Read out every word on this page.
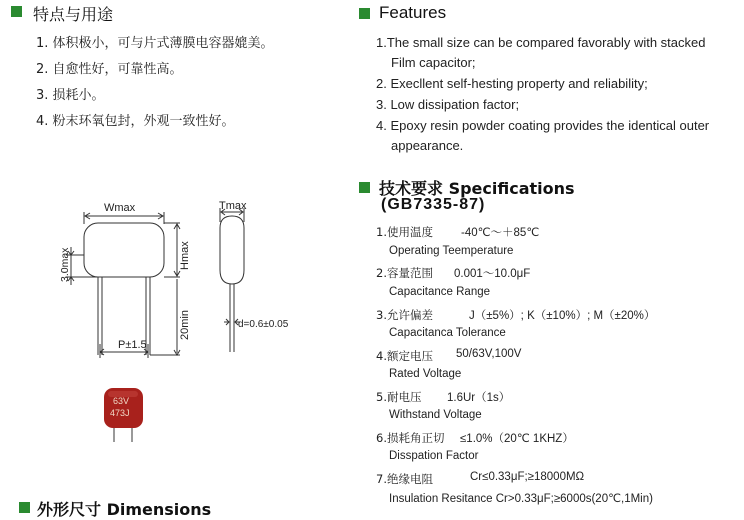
特点与用途
1. 体积极小，可与片式薄膜电容器媲美。
2. 自愈性好，可靠性高。
3. 损耗小。
4. 粉末环氧包封，外观一致性好。
Features
1.The small size can be compared favorably with stacked
Film capacitor;
2. Execllent self-hesting property and reliability;
3. Low dissipation factor;
4. Epoxy resin powder coating provides the identical outer
appearance.
技术要求 Specifications
(GB7335-87)
1.使用温度 -40℃～＋85℃
Operating Teemperature
2.容量范围 0.001～10.0μF
Capacitance Range
3.允许偏差	J（±5%）; K（±10%）; M（±20%）
Capacitanca Tolerance
4.额定电压 50/63V,100V
Rated Voltage
5.耐电压 1.6Ur（1s）
Withstand Voltage
6.损耗角正切 ≤1.0%（20℃ 1KHZ）
Disspation Factor
7.绝缘电阻	Cr≤0.33μF;≥18000MΩ
Insulation Resitance Cr>0.33μF;≥6000s(20℃,1Min)
Wmax	Tmax
P±1.5
d=0.6±0.05
Hmax
20min
3.0max
63V
473J
外形尺寸 Dimensions
